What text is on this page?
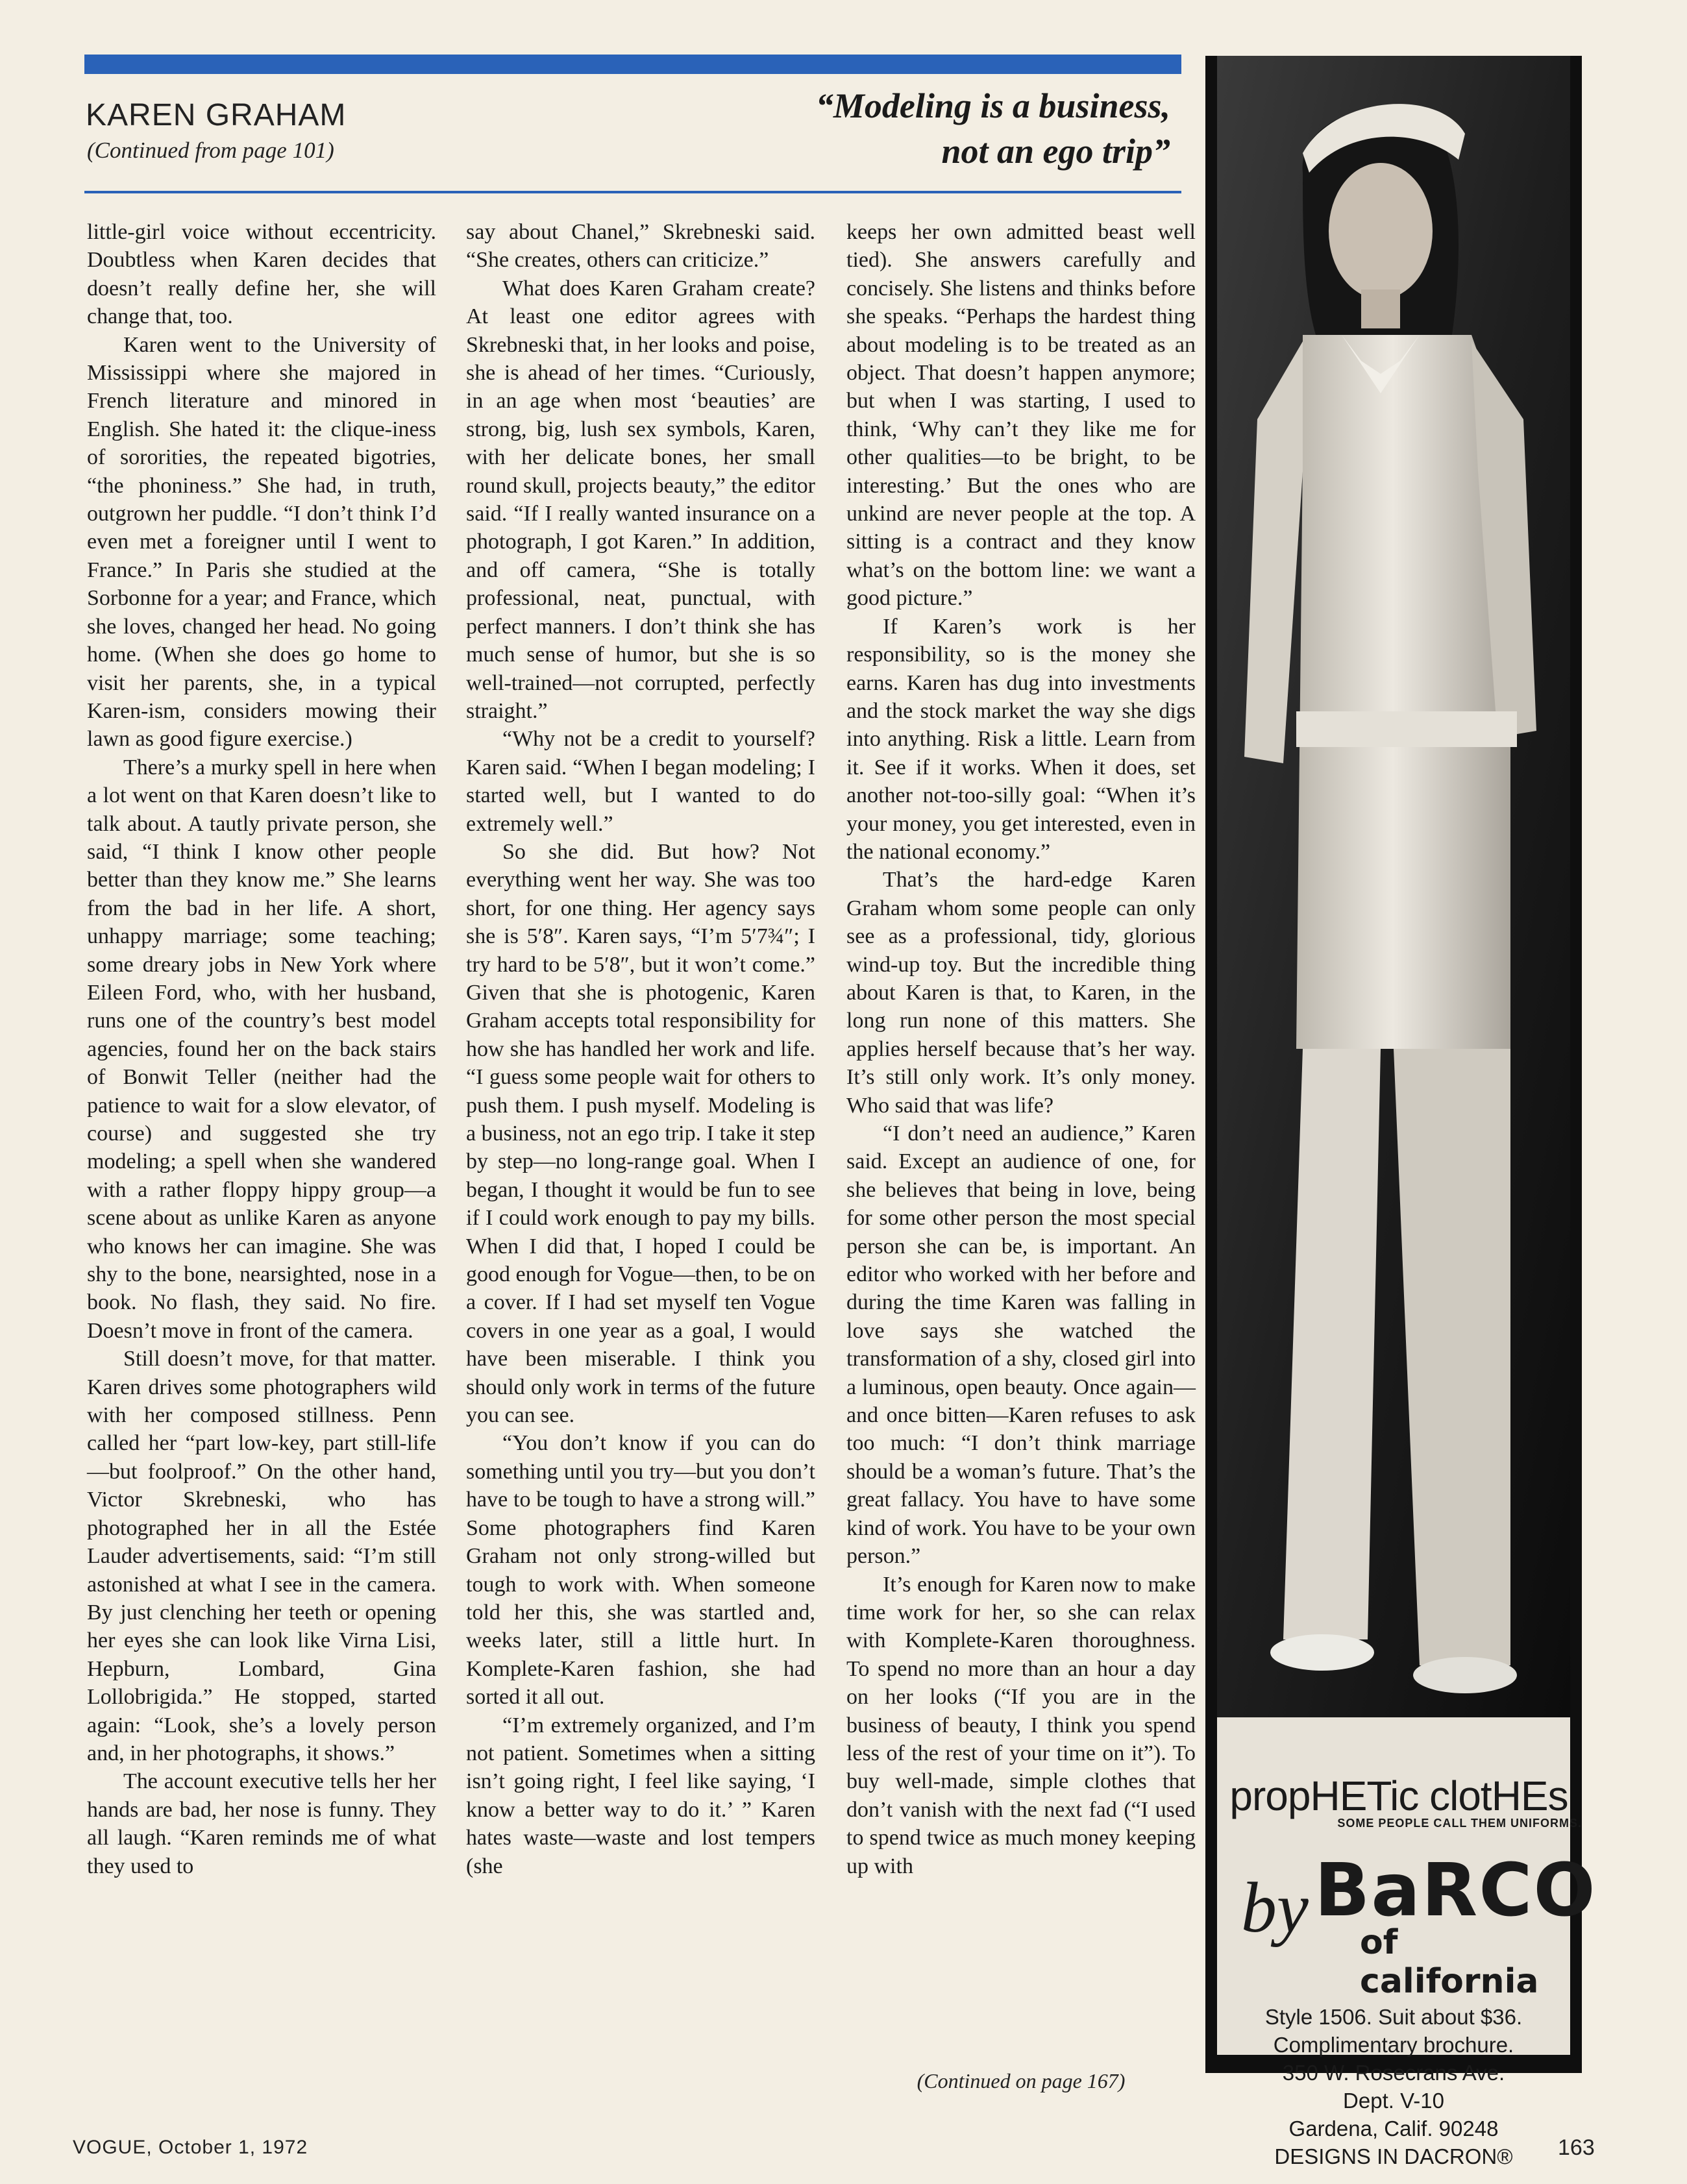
KAREN GRAHAM
(Continued from page 101)
“Modeling is a business,
not an ego trip”

little-girl voice without eccentricity. Doubtless when Karen decides that doesn’t really define her, she will change that, too.

Karen went to the University of Mississippi where she majored in French literature and minored in English. She hated it: the clique-iness of sororities, the repeated bigotries, “the phoniness.” She had, in truth, outgrown her puddle. “I don’t think I’d even met a foreigner until I went to France.” In Paris she studied at the Sorbonne for a year; and France, which she loves, changed her head. No going home. (When she does go home to visit her parents, she, in a typical Karen-ism, considers mowing their lawn as good figure exercise.)

There’s a murky spell in here when a lot went on that Karen doesn’t like to talk about. A tautly private person, she said, “I think I know other people better than they know me.” She learns from the bad in her life. A short, unhappy marriage; some teaching; some dreary jobs in New York where Eileen Ford, who, with her husband, runs one of the country’s best model agencies, found her on the back stairs of Bonwit Teller (neither had the patience to wait for a slow elevator, of course) and suggested she try modeling; a spell when she wandered with a rather floppy hippy group—a scene about as unlike Karen as anyone who knows her can imagine. She was shy to the bone, nearsighted, nose in a book. No flash, they said. No fire. Doesn’t move in front of the camera.

Still doesn’t move, for that matter. Karen drives some photographers wild with her composed stillness. Penn called her “part low-key, part still-life—but foolproof.” On the other hand, Victor Skrebneski, who has photographed her in all the Estée Lauder advertisements, said: “I’m still astonished at what I see in the camera. By just clenching her teeth or opening her eyes she can look like Virna Lisi, Hepburn, Lombard, Gina Lollobrigida.” He stopped, started again: “Look, she’s a lovely person and, in her photographs, it shows.”

The account executive tells her her hands are bad, her nose is funny. They all laugh. “Karen reminds me of what they used to

say about Chanel,” Skrebneski said. “She creates, others can criticize.”

What does Karen Graham create? At least one editor agrees with Skrebneski that, in her looks and poise, she is ahead of her times. “Curiously, in an age when most ‘beauties’ are strong, big, lush sex symbols, Karen, with her delicate bones, her small round skull, projects beauty,” the editor said. “If I really wanted insurance on a photograph, I got Karen.” In addition, and off camera, “She is totally professional, neat, punctual, with perfect manners. I don’t think she has much sense of humor, but she is so well-trained—not corrupted, perfectly straight.”

“Why not be a credit to yourself? Karen said. “When I began modeling; I started well, but I wanted to do extremely well.”

So she did. But how? Not everything went her way. She was too short, for one thing. Her agency says she is 5′8″. Karen says, “I’m 5′7¾″; I try hard to be 5′8″, but it won’t come.” Given that she is photogenic, Karen Graham accepts total responsibility for how she has handled her work and life. “I guess some people wait for others to push them. I push myself. Modeling is a business, not an ego trip. I take it step by step—no long-range goal. When I began, I thought it would be fun to see if I could work enough to pay my bills. When I did that, I hoped I could be good enough for Vogue—then, to be on a cover. If I had set myself ten Vogue covers in one year as a goal, I would have been miserable. I think you should only work in terms of the future you can see.

“You don’t know if you can do something until you try—but you don’t have to be tough to have a strong will.” Some photographers find Karen Graham not only strong-willed but tough to work with. When someone told her this, she was startled and, weeks later, still a little hurt. In Komplete-Karen fashion, she had sorted it all out.

“I’m extremely organized, and I’m not patient. Sometimes when a sitting isn’t going right, I feel like saying, ‘I know a better way to do it.’ ” Karen hates waste—waste and lost tempers (she

keeps her own admitted beast well tied). She answers carefully and concisely. She listens and thinks before she speaks. “Perhaps the hardest thing about modeling is to be treated as an object. That doesn’t happen anymore; but when I was starting, I used to think, ‘Why can’t they like me for other qualities—to be bright, to be interesting.’ But the ones who are unkind are never people at the top. A sitting is a contract and they know what’s on the bottom line: we want a good picture.”

If Karen’s work is her responsibility, so is the money she earns. Karen has dug into investments and the stock market the way she digs into anything. Risk a little. Learn from it. See if it works. When it does, set another not-too-silly goal: “When it’s your money, you get interested, even in the national economy.”

That’s the hard-edge Karen Graham whom some people can only see as a professional, tidy, glorious wind-up toy. But the incredible thing about Karen is that, to Karen, in the long run none of this matters. She applies herself because that’s her way. It’s still only work. It’s only money. Who said that was life?

“I don’t need an audience,” Karen said. Except an audience of one, for she believes that being in love, being for some other person the most special person she can be, is important. An editor who worked with her before and during the time Karen was falling in love says she watched the transformation of a shy, closed girl into a luminous, open beauty. Once again—and once bitten—Karen refuses to ask too much: “I don’t think marriage should be a woman’s future. That’s the great fallacy. You have to have some kind of work. You have to be your own person.”

It’s enough for Karen now to make time work for her, so she can relax with Komplete-Karen thoroughness. To spend no more than an hour a day on her looks (“If you are in the business of beauty, I think you spend less of the rest of your time on it”). To buy well-made, simple clothes that don’t vanish with the next fad (“I used to spend twice as much money keeping up with

(Continued on page 167)
propHETic clotHEs
SOME PEOPLE CALL THEM UNIFORMS.
by BaRCO
of california
Style 1506. Suit about $36.
Complimentary brochure.
350 W. Rosecrans Ave.
Dept. V-10
Gardena, Calif. 90248
DESIGNS IN DACRON®
VOGUE, October 1, 1972	163
